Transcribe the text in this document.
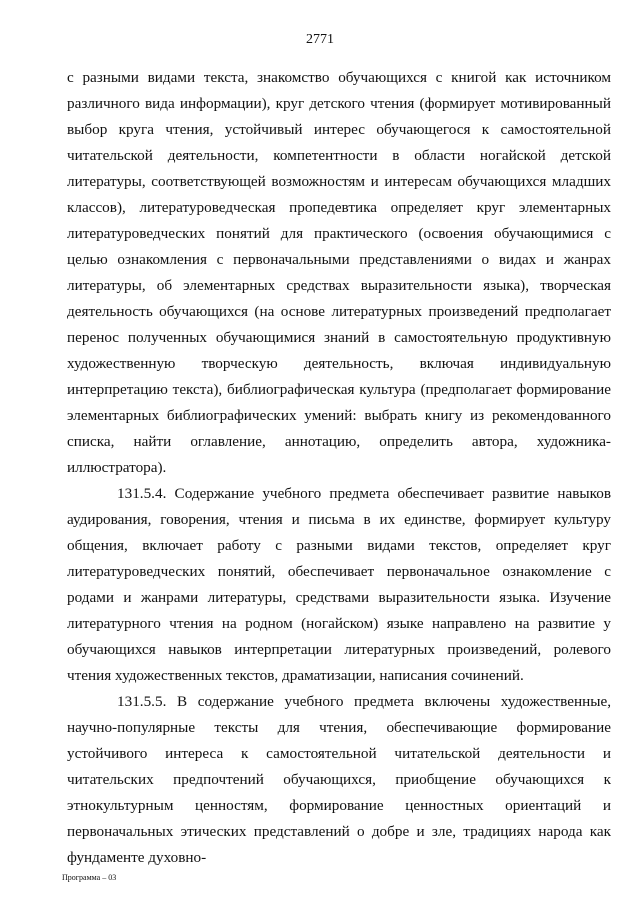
2771

с разными видами текста, знакомство обучающихся с книгой как источником различного вида информации), круг детского чтения (формирует мотивированный выбор круга чтения, устойчивый интерес обучающегося к самостоятельной читательской деятельности, компетентности в области ногайской детской литературы, соответствующей возможностям и интересам обучающихся младших классов), литературоведческая пропедевтика определяет круг элементарных литературоведческих понятий для практического (освоения обучающимися с целью ознакомления с первоначальными представлениями о видах и жанрах литературы, об элементарных средствах выразительности языка), творческая деятельность обучающихся (на основе литературных произведений предполагает перенос полученных обучающимися знаний в самостоятельную продуктивную художественную творческую деятельность, включая индивидуальную интерпретацию текста), библиографическая культура (предполагает формирование элементарных библиографических умений: выбрать книгу из рекомендованного списка, найти оглавление, аннотацию, определить автора, художника-иллюстратора).

131.5.4. Содержание учебного предмета обеспечивает развитие навыков аудирования, говорения, чтения и письма в их единстве, формирует культуру общения, включает работу с разными видами текстов, определяет круг литературоведческих понятий, обеспечивает первоначальное ознакомление с родами и жанрами литературы, средствами выразительности языка. Изучение литературного чтения на родном (ногайском) языке направлено на развитие у обучающихся навыков интерпретации литературных произведений, ролевого чтения художественных текстов, драматизации, написания сочинений.

131.5.5. В содержание учебного предмета включены художественные, научно-популярные тексты для чтения, обеспечивающие формирование устойчивого интереса к самостоятельной читательской деятельности и читательских предпочтений обучающихся, приобщение обучающихся к этнокультурным ценностям, формирование ценностных ориентаций и первоначальных этических представлений о добре и зле, традициях народа как фундаменте духовно-

Программа – 03
